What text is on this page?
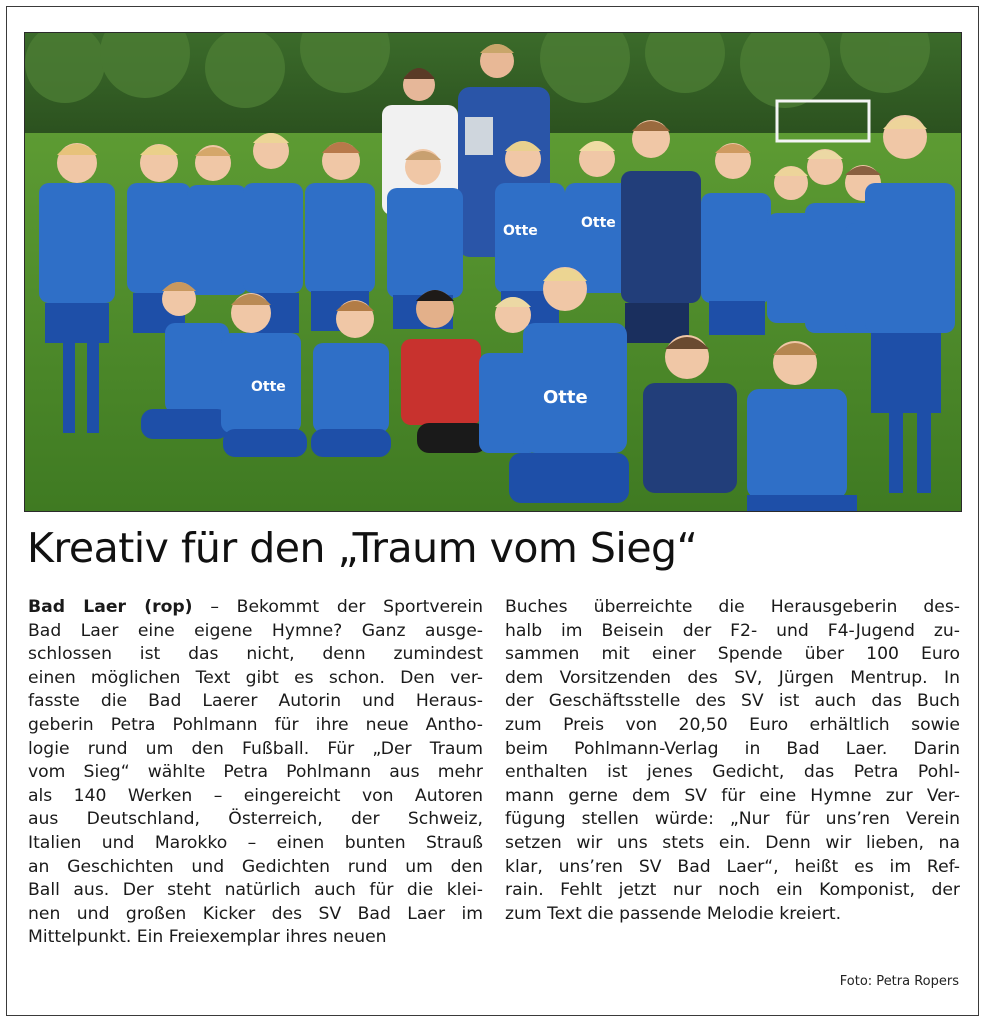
Otte	Otte
Otte	Otte
Kreativ für den „Traum vom Sieg“
Bad Laer (rop) – Bekommt der Sportverein
Bad Laer eine eigene Hymne? Ganz ausge-
schlossen ist das nicht, denn zumindest
einen möglichen Text gibt es schon. Den ver-
fasste die Bad Laerer Autorin und Heraus-
geberin Petra Pohlmann für ihre neue Antho-
logie rund um den Fußball. Für „Der Traum
vom Sieg“ wählte Petra Pohlmann aus mehr
als 140 Werken – eingereicht von Autoren
aus Deutschland, Österreich, der Schweiz,
Italien und Marokko – einen bunten Strauß
an Geschichten und Gedichten rund um den
Ball aus. Der steht natürlich auch für die klei-
nen und großen Kicker des SV Bad Laer im
Mittelpunkt. Ein Freiexemplar ihres neuen
Buches überreichte die Herausgeberin des-
halb im Beisein der F2- und F4-Jugend zu-
sammen mit einer Spende über 100 Euro
dem Vorsitzenden des SV, Jürgen Mentrup. In
der Geschäftsstelle des SV ist auch das Buch
zum Preis von 20,50 Euro erhältlich sowie
beim Pohlmann-Verlag in Bad Laer. Darin
enthalten ist jenes Gedicht, das Petra Pohl-
mann gerne dem SV für eine Hymne zur Ver-
fügung stellen würde: „Nur für uns’ren Verein
setzen wir uns stets ein. Denn wir lieben, na
klar, uns’ren SV Bad Laer“, heißt es im Ref-
rain. Fehlt jetzt nur noch ein Komponist, der
zum Text die passende Melodie kreiert.
Foto: Petra Ropers
